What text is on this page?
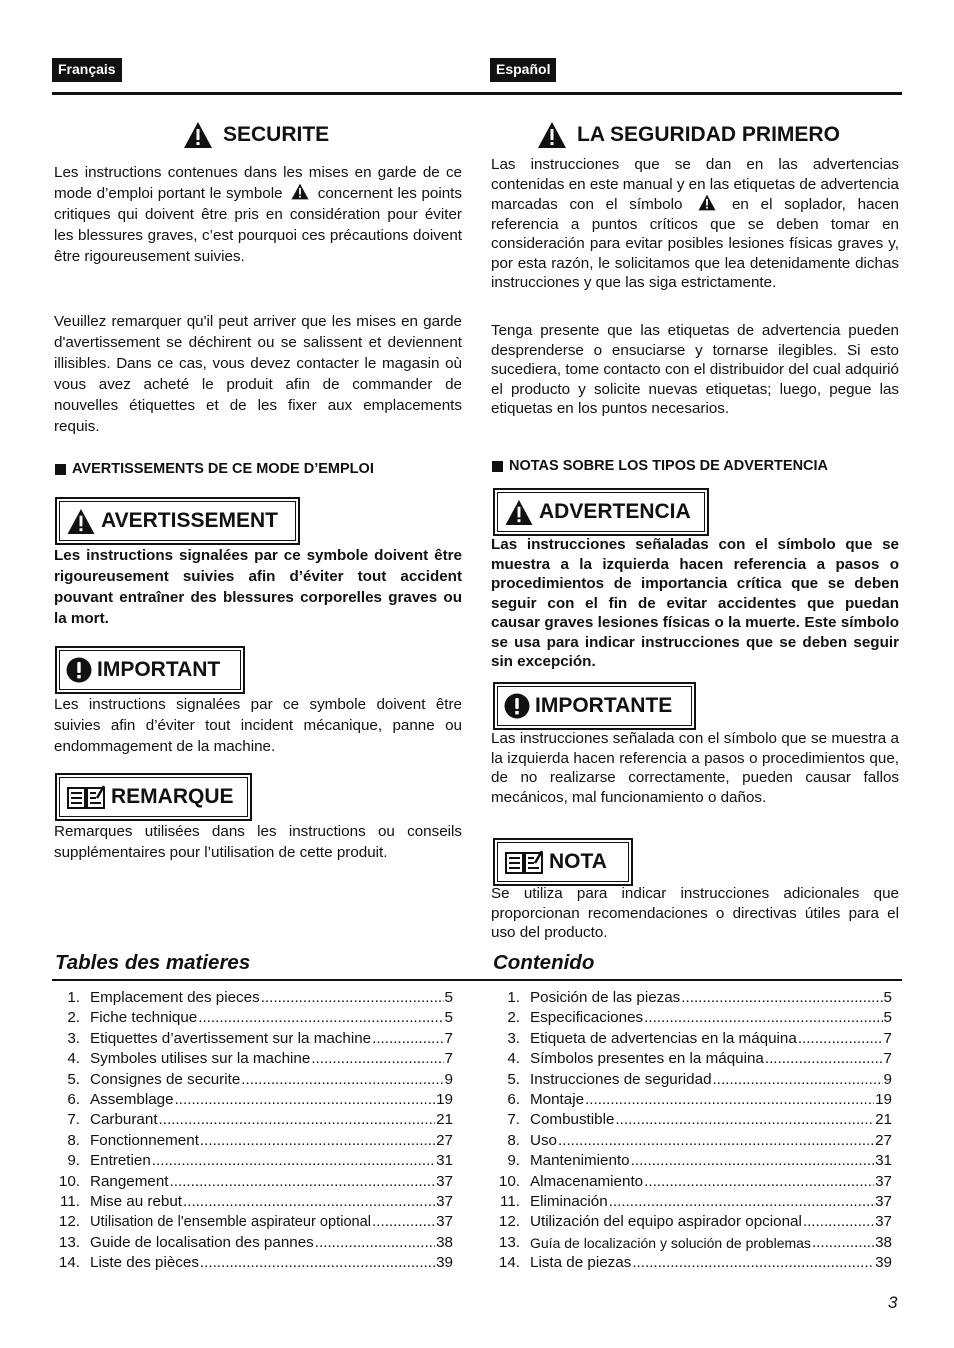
Français	Español
SECURITE

Les instructions contenues dans les mises en garde de ce mode d’emploi portant le symbole concernent les points critiques qui doivent être pris en considération pour éviter les blessures graves, c’est pourquoi ces précautions doivent être rigoureusement suivies.

Veuillez remarquer qu'il peut arriver que les mises en garde d'avertissement se déchirent ou se salissent et deviennent illisibles. Dans ce cas, vous devez contacter le magasin où vous avez acheté le produit afin de commander de nouvelles étiquettes et de les fixer aux emplacements requis.

AVERTISSEMENTS DE CE MODE D’EMPLOI
AVERTISSEMENT

Les instructions signalées par ce symbole doivent être rigoureusement suivies afin d’éviter tout accident pouvant entraîner des blessures corporelles graves ou la mort.

IMPORTANT

Les instructions signalées par ce symbole doivent être suivies afin d’éviter tout incident mécanique, panne ou endommagement de la machine.

REMARQUE

Remarques utilisées dans les instructions ou conseils supplémentaires pour l’utilisation de cette produit.

LA SEGURIDAD PRIMERO

Las instrucciones que se dan en las advertencias contenidas en este manual y en las etiquetas de advertencia marcadas con el símbolo	en el soplador, hacen referencia a puntos críticos que se deben tomar en consideración para evitar posibles lesiones físicas graves y, por esta razón, le solicitamos que lea detenidamente dichas instrucciones y que las siga estrictamente.

Tenga presente que las etiquetas de advertencia pueden desprenderse o ensuciarse y tornarse ilegibles. Si esto sucediera, tome contacto con el distribuidor del cual adquirió el producto y solicite nuevas etiquetas; luego, pegue las etiquetas en los puntos necesarios.

NOTAS SOBRE LOS TIPOS DE ADVERTENCIA
ADVERTENCIA

Las instrucciones señaladas con el símbolo que se muestra a la izquierda hacen referencia a pasos o procedimientos de importancia crítica que se deben seguir con el fin de evitar accidentes que puedan causar graves lesiones físicas o la muerte. Este símbolo se usa para indicar instrucciones que se deben seguir sin excepción.

IMPORTANTE

Las instrucciones señalada con el símbolo que se muestra a la izquierda hacen referencia a pasos o procedimientos que, de no realizarse correctamente, pueden causar fallos mecánicos, mal funcionamiento o daños.

NOTA

Se utiliza para indicar instrucciones adicionales que proporcionan recomendaciones o directivas útiles para el uso del producto.

Tables des matieres	Contenido
1. Emplacement des pieces .....	5
2. Fiche technique .....	5
3. Etiquettes d’avertissement sur la machine .....	7
4. Symboles utilises sur la machine .....	7
5. Consignes de securite .....	9
6. Assemblage .....	19
7. Carburant .....	21
8. Fonctionnement .....	27
9. Entretien .....	31
10. Rangement .....	37
11. Mise au rebut .....	37
12. Utilisation de l'ensemble aspirateur optional .....	37
13. Guide de localisation des pannes .....	38
14. Liste des pièces .....	39
1. Posición de las piezas .....	5
2. Especificaciones .....	5
3. Etiqueta de advertencias en la máquina .....	7
4. Símbolos presentes en la máquina .....	7
5. Instrucciones de seguridad .....	9
6. Montaje .....	19
7. Combustible .....	21
8. Uso .....	27
9. Mantenimiento .....	31
10. Almacenamiento .....	37
11. Eliminación .....	37
12. Utilización del equipo aspirador opcional .....	37
13. Guía de localización y solución de problemas .....	38
14. Lista de piezas .....	39
3
